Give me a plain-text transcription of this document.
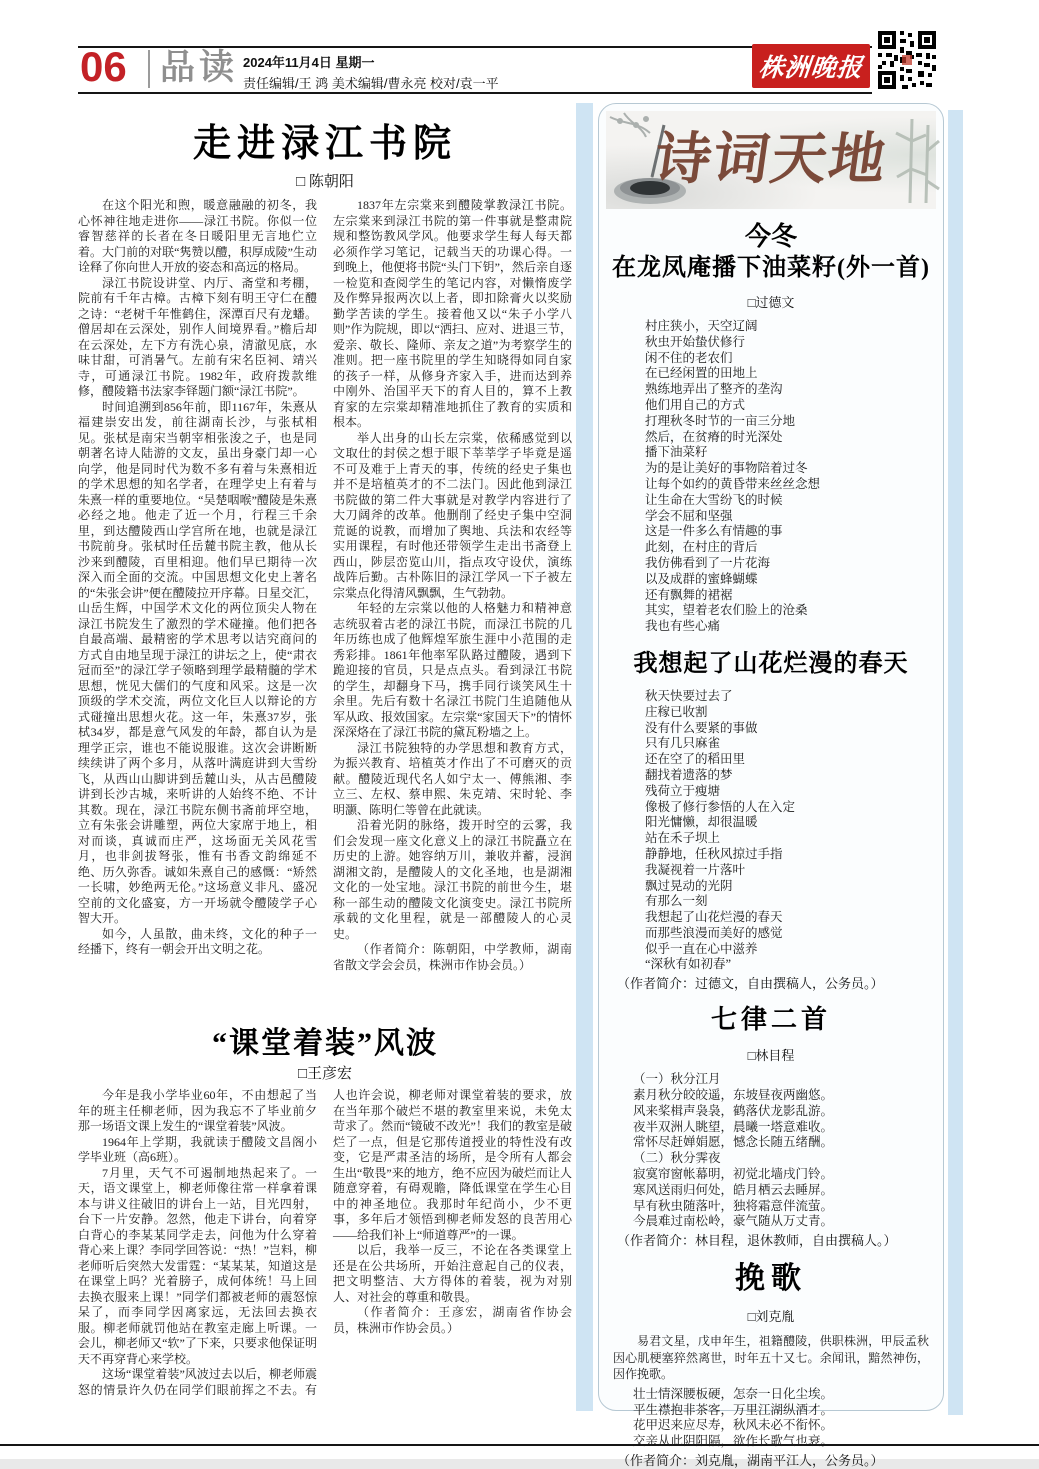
06 品读 2024年11月4日 星期一
责任编辑/王 鸿 美术编辑/曹永亮 校对/袁一平
株洲晚报
走进渌江书院
□ 陈朝阳

在这个阳光和煦，暖意融融的初冬，我心怀神往地走进你——渌江书院。你似一位睿智慈祥的长者在冬日暖阳里无言地伫立着。大门前的对联“隽赞以醴，积厚成陵”生动诠释了你向世人开放的姿态和高远的格局。

渌江书院设讲堂、内厅、斋堂和考棚，院前有千年古樟。古樟下刻有明王守仁在醴之诗：“老树千年惟鹤住，深潭百尺有龙蟠。僧居却在云深处，别作人间境界看。”檐后却在云深处，左下方有洗心泉，清澈见底，水味甘甜，可消暑气。左前有宋名臣祠、靖兴寺，可通渌江书院。1982年，政府拨款维修，醴陵籍书法家李铎题门额“渌江书院”。

时间追溯到856年前，即1167年，朱熹从福建崇安出发，前往湖南长沙，与张栻相见。张栻是南宋当朝宰相张浚之子，也是同朝著名诗人陆游的文友，虽出身豪门却一心向学，他是同时代为数不多有着与朱熹相近的学术思想的知名学者，在理学史上有着与朱熹一样的重要地位。“吴楚咽喉”醴陵是朱熹必经之地。他走了近一个月，行程三千余里，到达醴陵西山学宫所在地，也就是渌江书院前身。张栻时任岳麓书院主教，他从长沙来到醴陵，百里相迎。他们早已期待一次深入而全面的交流。中国思想文化史上著名的“朱张会讲”便在醴陵拉开序幕。日星交汇，山岳生辉，中国学术文化的两位顶尖人物在渌江书院发生了激烈的学术碰撞。他们把各自最高端、最精密的学术思考以诘究商问的方式自由地呈现于渌江的讲坛之上，使“肃衣冠而至”的渌江学子领略到理学最精髓的学术思想，恍见大儒们的气度和风采。这是一次顶级的学术交流，两位文化巨人以辩论的方式碰撞出思想火花。这一年，朱熹37岁，张栻34岁，都是意气风发的年龄，都自认为是理学正宗，谁也不能说服谁。这次会讲断断续续讲了两个多月，从落叶满庭讲到大雪纷飞，从西山山脚讲到岳麓山头，从古邑醴陵讲到长沙古城，来听讲的人始终不绝、不计其数。现在，渌江书院东侧书斋前坪空地，立有朱张会讲雕塑，两位大家席于地上，相对而谈，真诚而庄严，这场面无关风花雪月，也非剑拔弩张，惟有书香文韵绵延不绝、历久弥香。诚如朱熹自己的感慨：“矫然一长啸，妙绝两无伦。”这场意义非凡、盛况空前的文化盛宴，方一开场就令醴陵学子心智大开。

如今，人虽散，曲未终，文化的种子一经播下，终有一朝会开出文明之花。

1837年左宗棠来到醴陵掌教渌江书院。左宗棠来到渌江书院的第一件事就是整肃院规和整饬教风学风。他要求学生每人每天都必须作学习笔记，记载当天的功课心得。一到晚上，他便将书院“头门下钥”，然后亲自逐一检览和查阅学生的笔记内容，对懒惰废学及作弊异报两次以上者，即扣除膏火以奖励勤学苦读的学生。接着他又以“朱子小学八则”作为院规，即以“洒扫、应对、进退三节，爱亲、敬长、隆师、亲友之道”为考察学生的准则。把一座书院里的学生知晓得如同自家的孩子一样，从修身齐家入手，进而达到养中刚外、治国平天下的育人目的，算不上教育家的左宗棠却精准地抓住了教育的实质和根本。

举人出身的山长左宗棠，依稀感觉到以文取仕的封侯之想于眼下莘莘学子毕竟是遥不可及难于上青天的事，传统的经史子集也并不是培植英才的不二法门。因此他到渌江书院做的第二件大事就是对教学内容进行了大刀阔斧的改革。他删削了经史子集中空洞荒诞的说教，而增加了舆地、兵法和农经等实用课程，有时他还带领学生走出书斋登上西山，陟层峦览山川，指点攻守设伏，演练战阵后勤。古朴陈旧的渌江学风一下子被左宗棠点化得清风飘飘，生气勃勃。

年轻的左宗棠以他的人格魅力和精神意志统驭着古老的渌江书院，而渌江书院的几年历练也成了他辉煌军旅生涯中小范围的走秀彩排。1861年他率军队路过醴陵，遇到下跪迎接的官员，只是点点头。看到渌江书院的学生，却翻身下马，携手同行谈笑风生十余里。先后有数十名渌江书院门生追随他从军从政、报效国家。左宗棠“家国天下”的情怀深深烙在了渌江书院的黛瓦粉墙之上。

渌江书院独特的办学思想和教育方式，为振兴教育、培植英才作出了不可磨灭的贡献。醴陵近现代名人如宁太一、傅熊湘、李立三、左权、蔡申熙、朱克靖、宋时轮、李明灏、陈明仁等曾在此就读。

沿着光阴的脉络，拨开时空的云雾，我们会发现一座文化意义上的渌江书院矗立在历史的上游。她容纳万川，兼收并蓄，浸润湖湘文韵，是醴陵人的文化圣地，也是湖湘文化的一处宝地。渌江书院的前世今生，堪称一部生动的醴陵文化演变史。渌江书院所承载的文化里程，就是一部醴陵人的心灵史。

（作者简介：陈朝阳，中学教师，湖南省散文学会会员，株洲市作协会员。）

“课堂着装”风波
□王彦宏

今年是我小学毕业60年，不由想起了当年的班主任柳老师，因为我忘不了毕业前夕那一场语文课上发生的“课堂着装”风波。

1964年上学期，我就读于醴陵文昌阁小学毕业班（高6班）。

7月里，天气不可遏制地热起来了。一天，语文课堂上，柳老师像往常一样拿着课本与讲义往破旧的讲台上一站，目光四射，台下一片安静。忽然，他走下讲台，向着穿白背心的李某某同学走去，问他为什么穿着背心来上课？李同学回答说：“热！”岂料，柳老师听后突然大发雷霆：“某某某，知道这是在课堂上吗？光着膀子，成何体统！马上回去换衣服来上课！”同学们都被老师的震怒惊呆了，而李同学因离家远，无法回去换衣服。柳老师就罚他站在教室走廊上听课。一会儿，柳老师又“软”了下来，只要求他保证明天不再穿背心来学校。

这场“课堂着装”风波过去以后，柳老师震怒的情景许久仍在同学们眼前挥之不去。有人也许会说，柳老师对课堂着装的要求，放在当年那个破烂不堪的教室里来说，未免太苛求了。然而“镜破不改光”！我们的教室是破烂了一点，但是它那传道授业的特性没有改变，它是严肃圣洁的场所，是令所有人都会生出“敬畏”来的地方，绝不应因为破烂而让人随意穿着，有碍观瞻，降低课堂在学生心目中的神圣地位。我那时年纪尚小，少不更事，多年后才领悟到柳老师发怒的良苦用心——给我们补上“师道尊严”的一课。

以后，我举一反三，不论在各类课堂上还是在公共场所，开始注意起自己的仪表，把文明整洁、大方得体的着装，视为对别人、对社会的尊重和敬畏。

（作者简介：王彦宏，湖南省作协会员，株洲市作协会员。）

诗词天地
今冬
在龙凤庵播下油菜籽(外一首)
□过德文

村庄狭小，天空辽阔

秋虫开始蛰伏修行

闲不住的老农们

在已经闲置的田地上

熟练地弄出了整齐的垄沟

他们用自己的方式

打理秋冬时节的一亩三分地

然后，在贫瘠的时光深处

播下油菜籽

为的是让美好的事物陪着过冬

让每个如约的黄昏带来丝丝念想

让生命在大雪纷飞的时候

学会不屈和坚强

这是一件多么有情趣的事

此刻，在村庄的背后

我仿佛看到了一片花海

以及成群的蜜蜂蝴蝶

还有飘舞的裙裾

其实，望着老农们脸上的沧桑

我也有些心痛

我想起了山花烂漫的春天

秋天快要过去了

庄稼已收割

没有什么要紧的事做

只有几只麻雀

还在空了的稻田里

翻找着遗落的梦

残荷立于瘦塘

像极了修行参悟的人在入定

阳光慵懒，却很温暖

站在禾子坝上

静静地，任秋风掠过手指

我凝视着一片落叶

飘过晃动的光阴

有那么一刻

我想起了山花烂漫的春天

而那些浪漫而美好的感觉

似乎一直在心中滋养

“深秋有如初春”

（作者简介：过德文，自由撰稿人，公务员。）
七律二首
□林目程

（一）秋分江月

素月秋分皎皎遥，东坡昼夜两幽悠。

风来桨楫声袅袅，鹤落伏龙影乱游。

夜半双洲人眺望，晨曦一塔意难收。

常怀尽赶婵娟愿，憾念长随五绪酬。

（二）秋分霁夜

寂寞帘窗帐幕明，初觉北墙戌门铃。

寒风送雨归何处，皓月栖云去睡屏。

早有秋虫随落叶，独将霜意伴流萤。

今晨难过南松岭，豪气随从万丈青。

（作者简介：林目程，退休教师，自由撰稿人。）
挽歌
□刘克胤
易君文星，戊申年生，祖籍醴陵，供职株洲，甲辰孟秋因心肌梗塞猝然离世，时年五十又七。余闻讯，黯然神伤，因作挽歌。

壮士情深腰板硬，怎奈一日化尘埃。

平生襟抱非茶客，万里江湖纵酒才。

花甲迟来应尽寿，秋风未必不衔怀。

交亲从此阴阳隔，欲作长歌气也衰。

（作者简介：刘克胤，湖南平江人，公务员。）
